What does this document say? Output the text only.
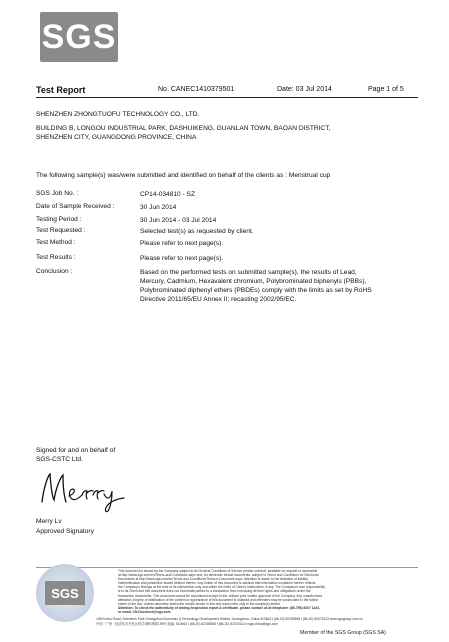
SGS
Test Report	No. CANEC1410379501	Date: 03 Jul 2014	Page 1 of 5
SHENZHEN ZHONGTUOFU TECHNOLOGY CO., LTD.
BUILDING B, LONGOU INDUSTRIAL PARK, DASHUIKENG, GUANLAN TOWN, BAOAN DISTRICT,
SHENZHEN CITY, GUANGDONG PROVINCE, CHINA
The following sample(s) was/were submitted and identified on behalf of the clients as : Menstrual cup
SGS Job No. :	CP14-034810 - SZ
Date of Sample Received :	30 Jun 2014
Testing Period :	30 Jun 2014 - 03 Jul 2014
Test Requested :	Selected test(s) as requested by client.
Test Method :	Please refer to next page(s).
Test Results :	Please refer to next page(s).
Conclusion :	Based on the performed tests on submitted sample(s), the results of Lead,
Mercury, Cadmium, Hexavalent chromium, Polybrominated biphenyls (PBBs),
Polybrominated diphenyl ethers (PBDEs) comply with the limits as set by RoHS
Directive 2011/65/EU Annex II; recasting 2002/95/EC.
Signed for and on behalf of
SGS-CSTC Ltd.
Merry Lv
Approved Signatory
SGS
This document is issued by the Company subject to its General Conditions of Service printed overleaf, available on request or accessible
at http://www.sgs.com/en/Terms-and-Conditions.aspx and, for electronic format documents, subject to Terms and Conditions for Electronic
Documents at http://www.sgs.com/en/Terms-and-Conditions/Terms-e-Document.aspx. Attention is drawn to the limitation of liability,
indemnification and jurisdiction issues defined therein. Any holder of this document is advised that information contained hereon reflects
the Company's findings at the time of its intervention only and within the limits of Client's instructions, if any. The Company's sole responsibility
is to its Client and this document does not exonerate parties to a transaction from exercising all their rights and obligations under the
transaction documents. This document cannot be reproduced except in full, without prior written approval of the Company. Any unauthorized
alteration, forgery or falsification of the content or appearance of this document is unlawful and offenders may be prosecuted to the fullest
extent of the law. Unless otherwise stated the results shown in this test report refer only to the sample(s) tested.
Attention: To check the authenticity of testing /inspection report & certificate, please contact us at telephone: (86-755) 8307 1443,
or email: CN.Doccheck@sgs.com
198 Kezhu Road, Scientech Park Guangzhou Economic & Technology Development District, Guangzhou, China 510663 t (86-20) 82155555 f (86-20) 82075113 www.sgsgroup.com.cn
中国 · 广州 · 经济技术开发区科学城科珠路198号 邮编: 510663 t (86-20) 82155555 f (86-20) 82075113 e sgs.china@sgs.com
Member of the SGS Group (SGS SA)
